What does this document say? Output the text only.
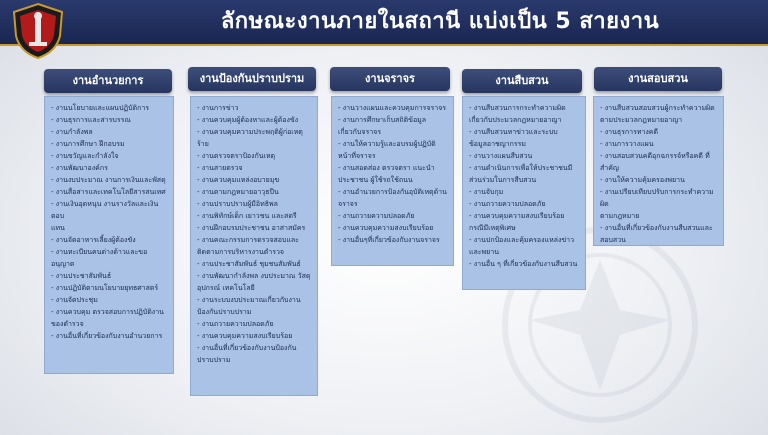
ลักษณะงานภายในสถานี แบ่งเป็น 5 สายงาน
งานอำนวยการ
- งานนโยบายและแผนปฏิบัติการ
- งานธุรการและสารบรรณ
- งานกำลังพล
- งานการศึกษา ฝึกอบรม
- งานขวัญและกำลังใจ
- งานพัฒนาองค์กร
- งานงบประมาณ งานการเงินและพัสดุ
- งานสื่อสารและเทคโนโลยีสารสนเทศ
- งานเงินอุดหนุน งานรางวัลและเงินตอบ
แทน
- งานจัดอาหารเลี้ยงผู้ต้องขัง
- งานทะเบียนคนต่างด้าวและขอ
อนุญาต
- งานประชาสัมพันธ์
- งานปฏิบัติตามนโยบายยุทธศาสตร์
- งานจัดประชุม
- งานควบคุม ตรวจสอบการปฏิบัติงาน
ของตำรวจ
- งานอื่นที่เกี่ยวข้องกับงานอำนวยการ
งานป้องกันปราบปราม
- งานการข่าว
- งานควบคุมผู้ต้องหาและผู้ต้องขัง
- งานควบคุมความประพฤติผู้ก่อเหตุร้าย
- งานตรวจตราป้องกันเหตุ
- งานสายตรวจ
- งานควบคุมแหล่งอบายมุข
- งานตามกฎหมายอาวุธปืน
- งานปราบปรามผู้มีอิทธิพล
- งานพิทักษ์เด็ก เยาวชน และสตรี
- งานฝึกอบรมประชาชน อาสาสมัคร
- งานคณะกรรมการตรวจสอบและ
ติดตามการบริหารงานตำรวจ
- งานประชาสัมพันธ์ ชุมชนสัมพันธ์
- งานพัฒนากำลังพล งบประมาณ วัสดุ
อุปกรณ์ เทคโนโลยี
- งานระบบงบประมาณเกี่ยวกับงาน
ป้องกันปราบปราม
- งานถวายความปลอดภัย
- งานควบคุมความสงบเรียบร้อย
- งานอื่นที่เกี่ยวข้องกับงานป้องกัน
ปราบปราม
งานจราจร
- งานวางแผนและควบคุมการจราจร
- งานการศึกษาเก็บสถิติข้อมูล
เกี่ยวกับจราจร
- งานให้ความรู้และอบรมผู้ปฏิบัติ
หน้าที่จราจร
- งานสอดส่อง ตรวจตรา แนะนำ
ประชาชน ผู้ใช้รถใช้ถนน
- งานอำนวยการป้องกันอุบัติเหตุด้าน
จราจร
- งานถวายความปลอดภัย
- งานควบคุมความสงบเรียบร้อย
- งานอื่นๆที่เกี่ยวข้องกับงานจราจร
งานสืบสวน
- งานสืบสวนการกระทำความผิด
เกี่ยวกับประมวลกฎหมายอาญา
- งานสืบสวนหาข่าวและระบบ
ข้อมูลอาชญากรรม
- งานวางแผนสืบสวน
- งานดำเนินการเพื่อให้ประชาชนมี
ส่วนร่วมในการสืบสวน
- งานจับกุม
- งานถวายความปลอดภัย
- งานควบคุมความสงบเรียบร้อย
กรณีมีเหตุพิเศษ
- งานปกป้องและคุ้มครองแหล่งข่าว
และพยาน
- งานอื่น ๆ ที่เกี่ยวข้องกับงานสืบสวน
งานสอบสวน
- งานสืบสวนสอบสวนผู้กระทำความผิด
ตามประมวลกฎหมายอาญา
- งานธุรการทางคดี
- งานการวางแผน
- งานสอบสวนคดีอุกฉกรรจ์หรือคดี ที่
สำคัญ
- งานให้ความคุ้มครองพยาน
- งานเปรียบเทียบปรับการกระทำความผิด
ตามกฎหมาย
- งานอื่นที่เกี่ยวข้องกับงานสืบสวนและ
สอบสวน
